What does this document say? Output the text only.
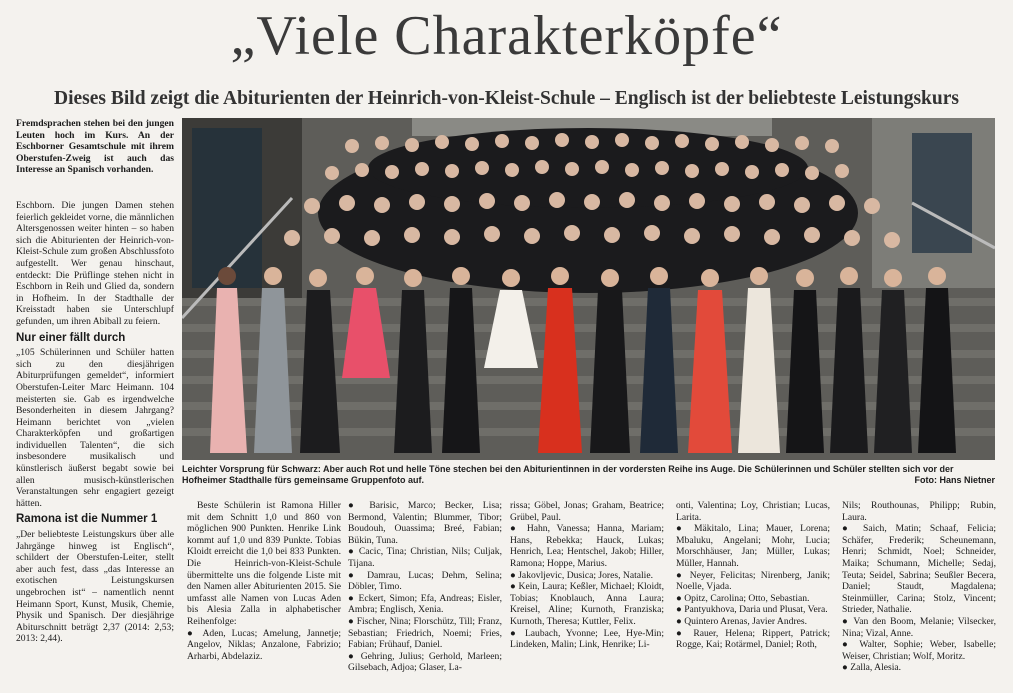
„Viele Charakterköpfe“
Dieses Bild zeigt die Abiturienten der Heinrich-von-Kleist-Schule – Englisch ist der beliebteste Leistungskurs
Fremdsprachen stehen bei den jungen Leuten hoch im Kurs. An der Eschborner Gesamtschule mit ihrem Oberstufen-Zweig ist auch das Interesse an Spanisch vorhanden.

Eschborn. Die jungen Damen stehen feierlich gekleidet vorne, die männlichen Altersgenossen weiter hinten – so haben sich die Abiturienten der Heinrich-von-Kleist-Schule zum großen Abschlussfoto aufgestellt. Wer genau hinschaut, entdeckt: Die Prüflinge stehen nicht in Eschborn in Reih und Glied da, sondern in Hofheim. In der Stadthalle der Kreisstadt haben sie Unterschlupf gefunden, um ihren Abiball zu feiern.

Nur einer fällt durch

„105 Schülerinnen und Schüler hatten sich zu den diesjährigen Abiturprüfungen gemeldet“, informiert Oberstufen-Leiter Marc Heimann. 104 meisterten sie. Gab es irgendwelche Besonderheiten in diesem Jahrgang? Heimann berichtet von „vielen Charakterköpfen und großartigen individuellen Talenten“, die sich insbesondere musikalisch und künstlerisch äußerst begabt sowie bei allen musisch-künstlerischen Veranstaltungen sehr engagiert gezeigt hätten.

Ramona ist die Nummer 1

„Der beliebteste Leistungskurs über alle Jahrgänge hinweg ist Englisch“, schildert der Oberstufen-Leiter, stellt aber auch fest, dass „das Interesse an exotischen Leistungskursen ungebrochen ist“ – namentlich nennt Heimann Sport, Kunst, Musik, Chemie, Physik und Spanisch. Der diesjährige Abiturschnitt beträgt 2,37 (2014: 2,53; 2013: 2,44).

Leichter Vorsprung für Schwarz: Aber auch Rot und helle Töne stechen bei den Abiturientinnen in der vordersten Reihe ins Auge. Die Schülerinnen und Schüler stellten sich vor der Hofheimer Stadthalle fürs gemeinsame Gruppenfoto auf.	Foto: Hans Nietner
Beste Schülerin ist Ramona Hiller mit dem Schnitt 1,0 und 860 von möglichen 900 Punkten. Henrike Link kommt auf 1,0 und 839 Punkte. Tobias Kloidt erreicht die 1,0 bei 833 Punkten. Die Heinrich-von-Kleist-Schule übermittelte uns die folgende Liste mit den Namen aller Abiturienten 2015. Sie umfasst alle Namen von Lucas Aden bis Alesia Zalla in alphabetischer Reihenfolge:
● Aden, Lucas; Amelung, Jannetje; Angelov, Niklas; Anzalone, Fabrizio; Arharbi, Abdelaziz.
● Barisic, Marco; Becker, Lisa; Bermond, Valentin; Blummer, Tibor; Boudouh, Ouassima; Breé, Fabian; Bükin, Tuna.
● Cacic, Tina; Christian, Nils; Culjak, Tijana.
● Damrau, Lucas; Dehm, Selina; Döbler, Timo.
● Eckert, Simon; Efa, Andreas; Eisler, Ambra; Englisch, Xenia.
● Fischer, Nina; Florschütz, Till; Franz, Sebastian; Friedrich, Noemi; Fries, Fabian; Frühauf, Daniel.
● Gehring, Julius; Gerhold, Marleen; Gilsebach, Adjoa; Glaser, La-
rissa; Göbel, Jonas; Graham, Beatrice; Grübel, Paul.
● Hahn, Vanessa; Hanna, Mariam; Hans, Rebekka; Hauck, Lukas; Henrich, Lea; Hentschel, Jakob; Hiller, Ramona; Hoppe, Marius.
● Jakovljevic, Dusica; Jores, Natalie.
● Kein, Laura; Keßler, Michael; Kloidt, Tobias; Knoblauch, Anna Laura; Kreisel, Aline; Kurnoth, Franziska; Kurnoth, Theresa; Kuttler, Felix.
● Laubach, Yvonne; Lee, Hye-Min; Lindeken, Malin; Link, Henrike; Li-
onti, Valentina; Loy, Christian; Lucas, Larita.
● Mäkitalo, Lina; Mauer, Lorena; Mbaluku, Angelani; Mohr, Lucia; Morschhäuser, Jan; Müller, Lukas; Müller, Hannah.
● Neyer, Felicitas; Nirenberg, Janik; Noelle, Vjada.
● Opitz, Carolina; Otto, Sebastian.
● Pantyukhova, Daria und Plusat, Vera.
● Quintero Arenas, Javier Andres.
● Rauer, Helena; Rippert, Patrick; Rogge, Kai; Rotärmel, Daniel; Roth,
Nils; Routhounas, Philipp; Rubin, Laura.
● Saich, Matin; Schaaf, Felicia; Schäfer, Frederik; Scheunemann, Henri; Schmidt, Noel; Schneider, Maika; Schumann, Michelle; Sedaj, Teuta; Seidel, Sabrina; Seußler Becera, Daniel; Staudt, Magdalena; Steinmüller, Carina; Stolz, Vincent; Strieder, Nathalie.
● Van den Boom, Melanie; Vilsecker, Nina; Vizal, Anne.
● Walter, Sophie; Weber, Isabelle; Weiser, Christian; Wolf, Moritz.
● Zalla, Alesia.
